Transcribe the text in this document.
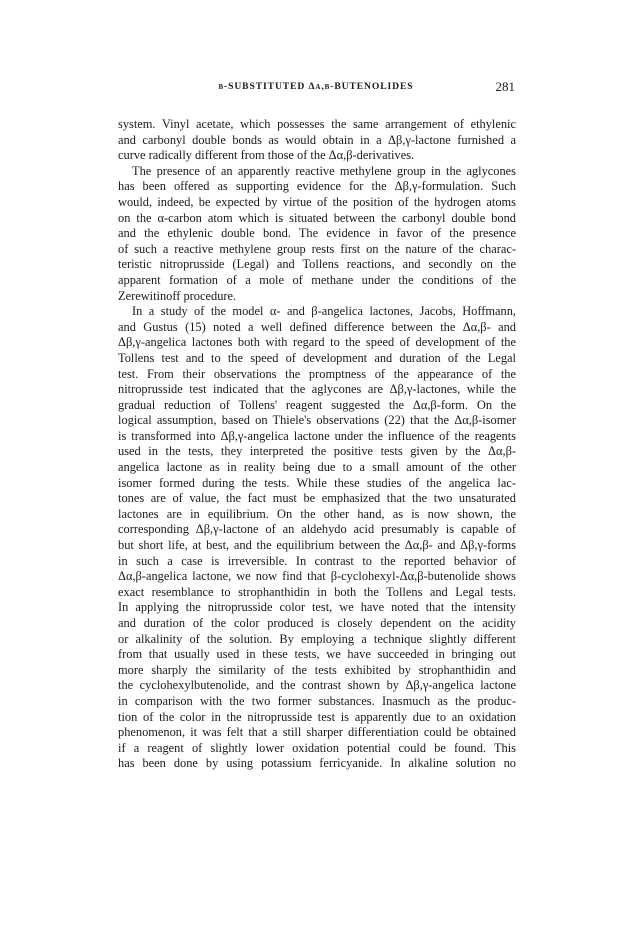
β-SUBSTITUTED Δα,β-BUTENOLIDES	281
system. Vinyl acetate, which possesses the same arrangement of ethylenic
and carbonyl double bonds as would obtain in a Δβ,γ-lactone furnished a
curve radically different from those of the Δα,β-derivatives.
The presence of an apparently reactive methylene group in the aglycones
has been offered as supporting evidence for the Δβ,γ-formulation. Such
would, indeed, be expected by virtue of the position of the hydrogen atoms
on the α-carbon atom which is situated between the carbonyl double bond
and the ethylenic double bond. The evidence in favor of the presence
of such a reactive methylene group rests first on the nature of the charac-
teristic nitroprusside (Legal) and Tollens reactions, and secondly on the
apparent formation of a mole of methane under the conditions of the
Zerewitinoff procedure.
In a study of the model α- and β-angelica lactones, Jacobs, Hoffmann,
and Gustus (15) noted a well defined difference between the Δα,β- and
Δβ,γ-angelica lactones both with regard to the speed of development of the
Tollens test and to the speed of development and duration of the Legal
test. From their observations the promptness of the appearance of the
nitroprusside test indicated that the aglycones are Δβ,γ-lactones, while the
gradual reduction of Tollens' reagent suggested the Δα,β-form. On the
logical assumption, based on Thiele's observations (22) that the Δα,β-isomer
is transformed into Δβ,γ-angelica lactone under the influence of the reagents
used in the tests, they interpreted the positive tests given by the Δα,β-
angelica lactone as in reality being due to a small amount of the other
isomer formed during the tests. While these studies of the angelica lac-
tones are of value, the fact must be emphasized that the two unsaturated
lactones are in equilibrium. On the other hand, as is now shown, the
corresponding Δβ,γ-lactone of an aldehydo acid presumably is capable of
but short life, at best, and the equilibrium between the Δα,β- and Δβ,γ-forms
in such a case is irreversible. In contrast to the reported behavior of
Δα,β-angelica lactone, we now find that β-cyclohexyl-Δα,β-butenolide shows
exact resemblance to strophanthidin in both the Tollens and Legal tests.
In applying the nitroprusside color test, we have noted that the intensity
and duration of the color produced is closely dependent on the acidity
or alkalinity of the solution. By employing a technique slightly different
from that usually used in these tests, we have succeeded in bringing out
more sharply the similarity of the tests exhibited by strophanthidin and
the cyclohexylbutenolide, and the contrast shown by Δβ,γ-angelica lactone
in comparison with the two former substances. Inasmuch as the produc-
tion of the color in the nitroprusside test is apparently due to an oxidation
phenomenon, it was felt that a still sharper differentiation could be obtained
if a reagent of slightly lower oxidation potential could be found. This
has been done by using potassium ferricyanide. In alkaline solution no
